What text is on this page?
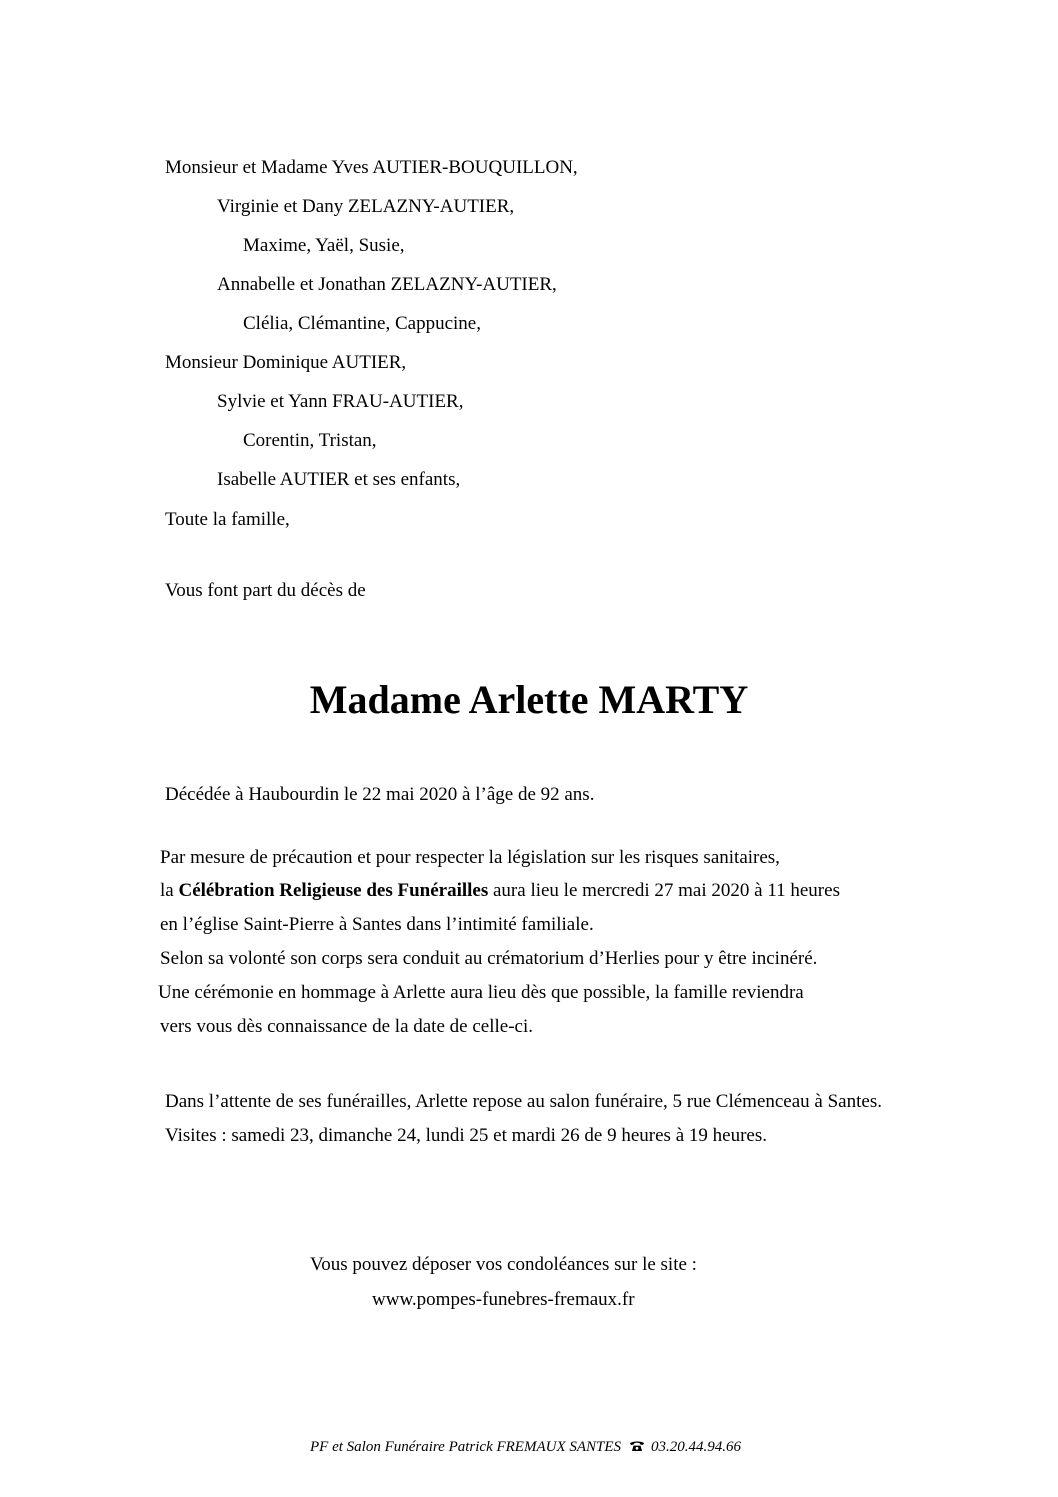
Monsieur et Madame Yves AUTIER-BOUQUILLON,
Virginie et Dany ZELAZNY-AUTIER,
Maxime, Yaël, Susie,
Annabelle et Jonathan ZELAZNY-AUTIER,
Clélia, Clémantine, Cappucine,
Monsieur Dominique AUTIER,
Sylvie et Yann FRAU-AUTIER,
Corentin, Tristan,
Isabelle AUTIER et ses enfants,
Toute la famille,
Vous font part du décès de
Madame Arlette MARTY
Décédée à Haubourdin le 22 mai 2020 à l’âge de 92 ans.
Par mesure de précaution et pour respecter la législation sur les risques sanitaires,
la Célébration Religieuse des Funérailles aura lieu le mercredi 27 mai 2020 à 11 heures
en l’église Saint-Pierre à Santes dans l’intimité familiale.
Selon sa volonté son corps sera conduit au crématorium d’Herlies pour y être incinéré.
Une cérémonie en hommage à Arlette aura lieu dès que possible, la famille reviendra
vers vous dès connaissance de la date de celle-ci.
Dans l’attente de ses funérailles, Arlette repose au salon funéraire, 5 rue Clémenceau à Santes.
Visites : samedi 23, dimanche 24, lundi 25 et mardi 26 de 9 heures à 19 heures.
Vous pouvez déposer vos condoléances sur le site :
www.pompes-funebres-fremaux.fr
PF et Salon Funéraire Patrick FREMAUX SANTES 03.20.44.94.66
